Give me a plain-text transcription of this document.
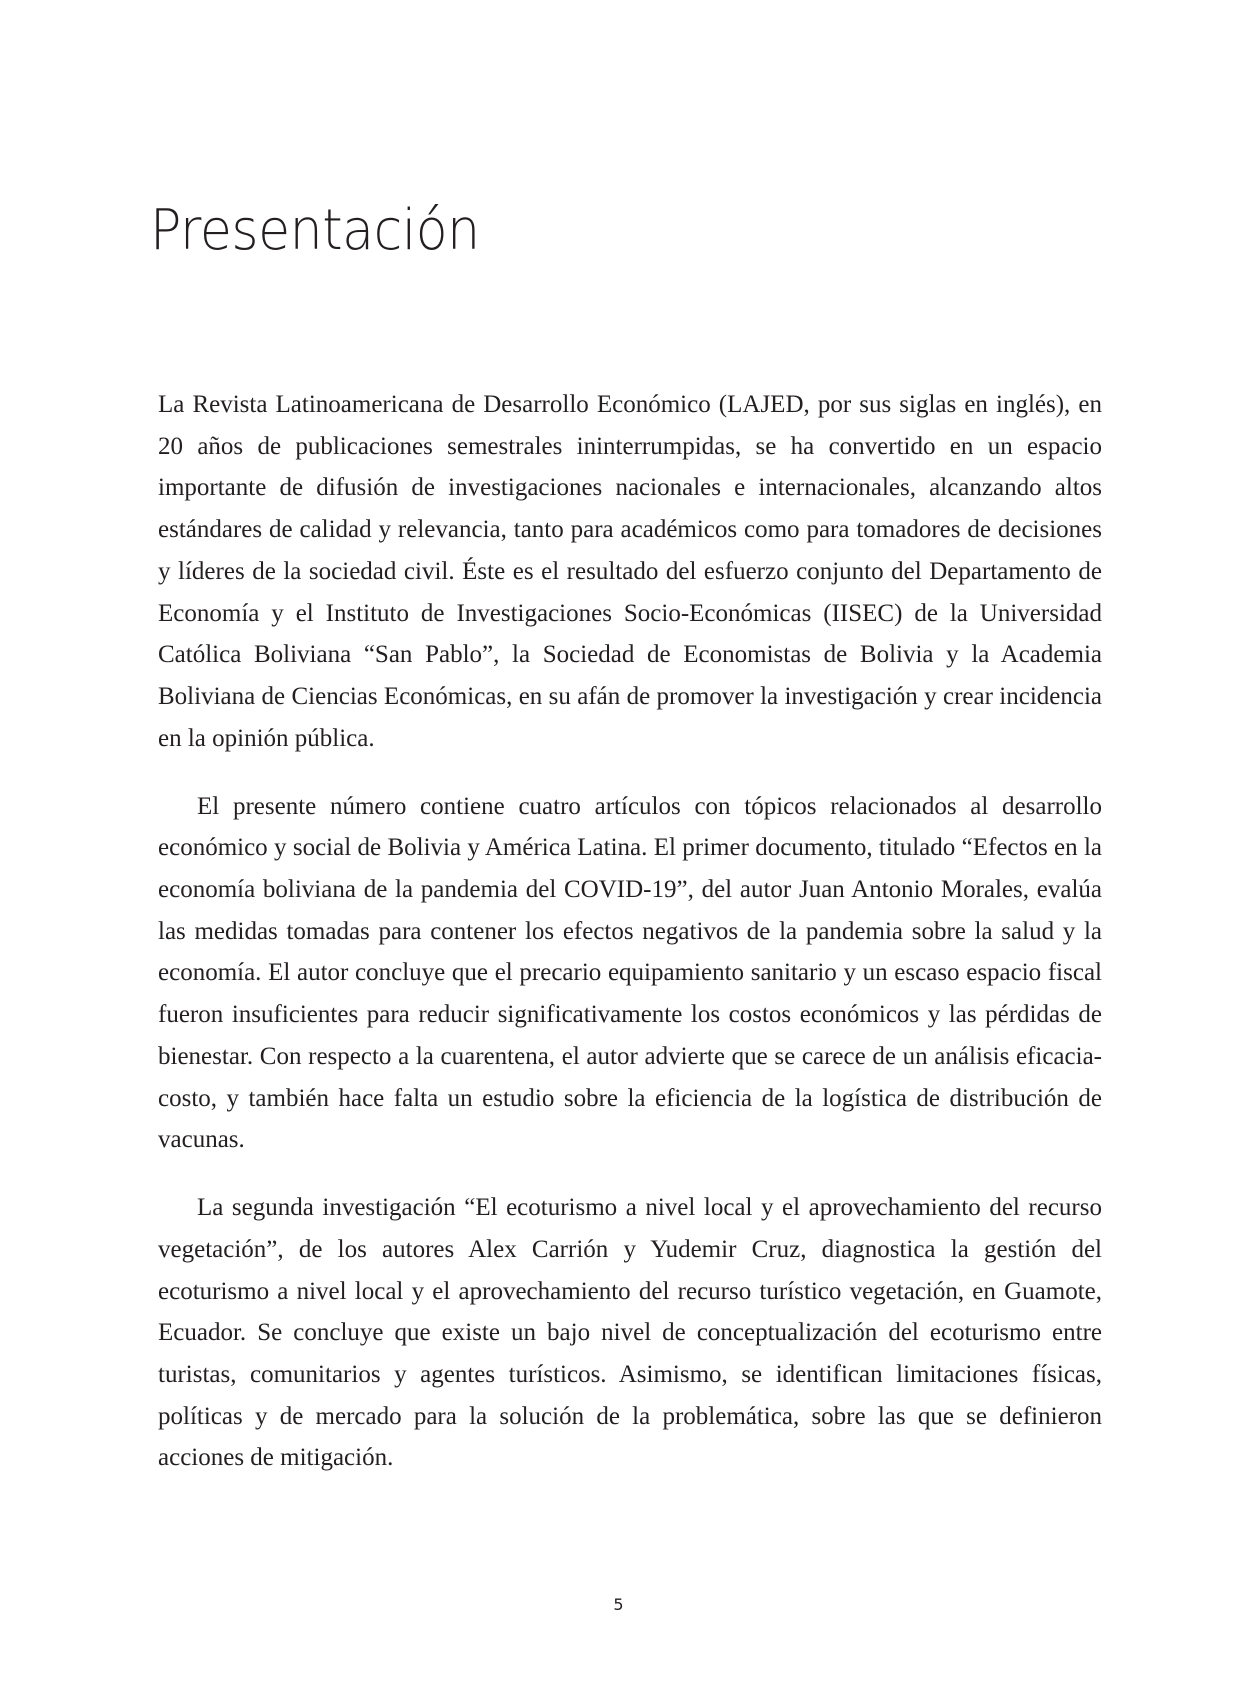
Presentación

La Revista Latinoamericana de Desarrollo Económico (LAJED, por sus siglas en inglés), en 20 años de publicaciones semestrales ininterrumpidas, se ha convertido en un espacio importante de difusión de investigaciones nacionales e internacionales, alcanzando altos estándares de calidad y relevancia, tanto para académicos como para tomadores de decisiones y líderes de la sociedad civil. Éste es el resultado del esfuerzo conjunto del Departamento de Economía y el Instituto de Investigaciones Socio-Económicas (IISEC) de la Universidad Católica Boliviana “San Pablo”, la Sociedad de Economistas de Bolivia y la Academia Boliviana de Ciencias Económicas, en su afán de promover la investigación y crear incidencia en la opinión pública.

El presente número contiene cuatro artículos con tópicos relacionados al desarrollo económico y social de Bolivia y América Latina. El primer documento, titulado “Efectos en la economía boliviana de la pandemia del COVID-19”, del autor Juan Antonio Morales, evalúa las medidas tomadas para contener los efectos negativos de la pandemia sobre la salud y la economía. El autor concluye que el precario equipamiento sanitario y un escaso espacio fiscal fueron insuficientes para reducir significativamente los costos económicos y las pérdidas de bienestar. Con respecto a la cuarentena, el autor advierte que se carece de un análisis eficacia-costo, y también hace falta un estudio sobre la eficiencia de la logística de distribución de vacunas.

La segunda investigación “El ecoturismo a nivel local y el aprovechamiento del recurso vegetación”, de los autores Alex Carrión y Yudemir Cruz, diagnostica la gestión del ecoturismo a nivel local y el aprovechamiento del recurso turístico vegetación, en Guamote, Ecuador. Se concluye que existe un bajo nivel de conceptualización del ecoturismo entre turistas, comunitarios y agentes turísticos. Asimismo, se identifican limitaciones físicas, políticas y de mercado para la solución de la problemática, sobre las que se definieron acciones de mitigación.

5
